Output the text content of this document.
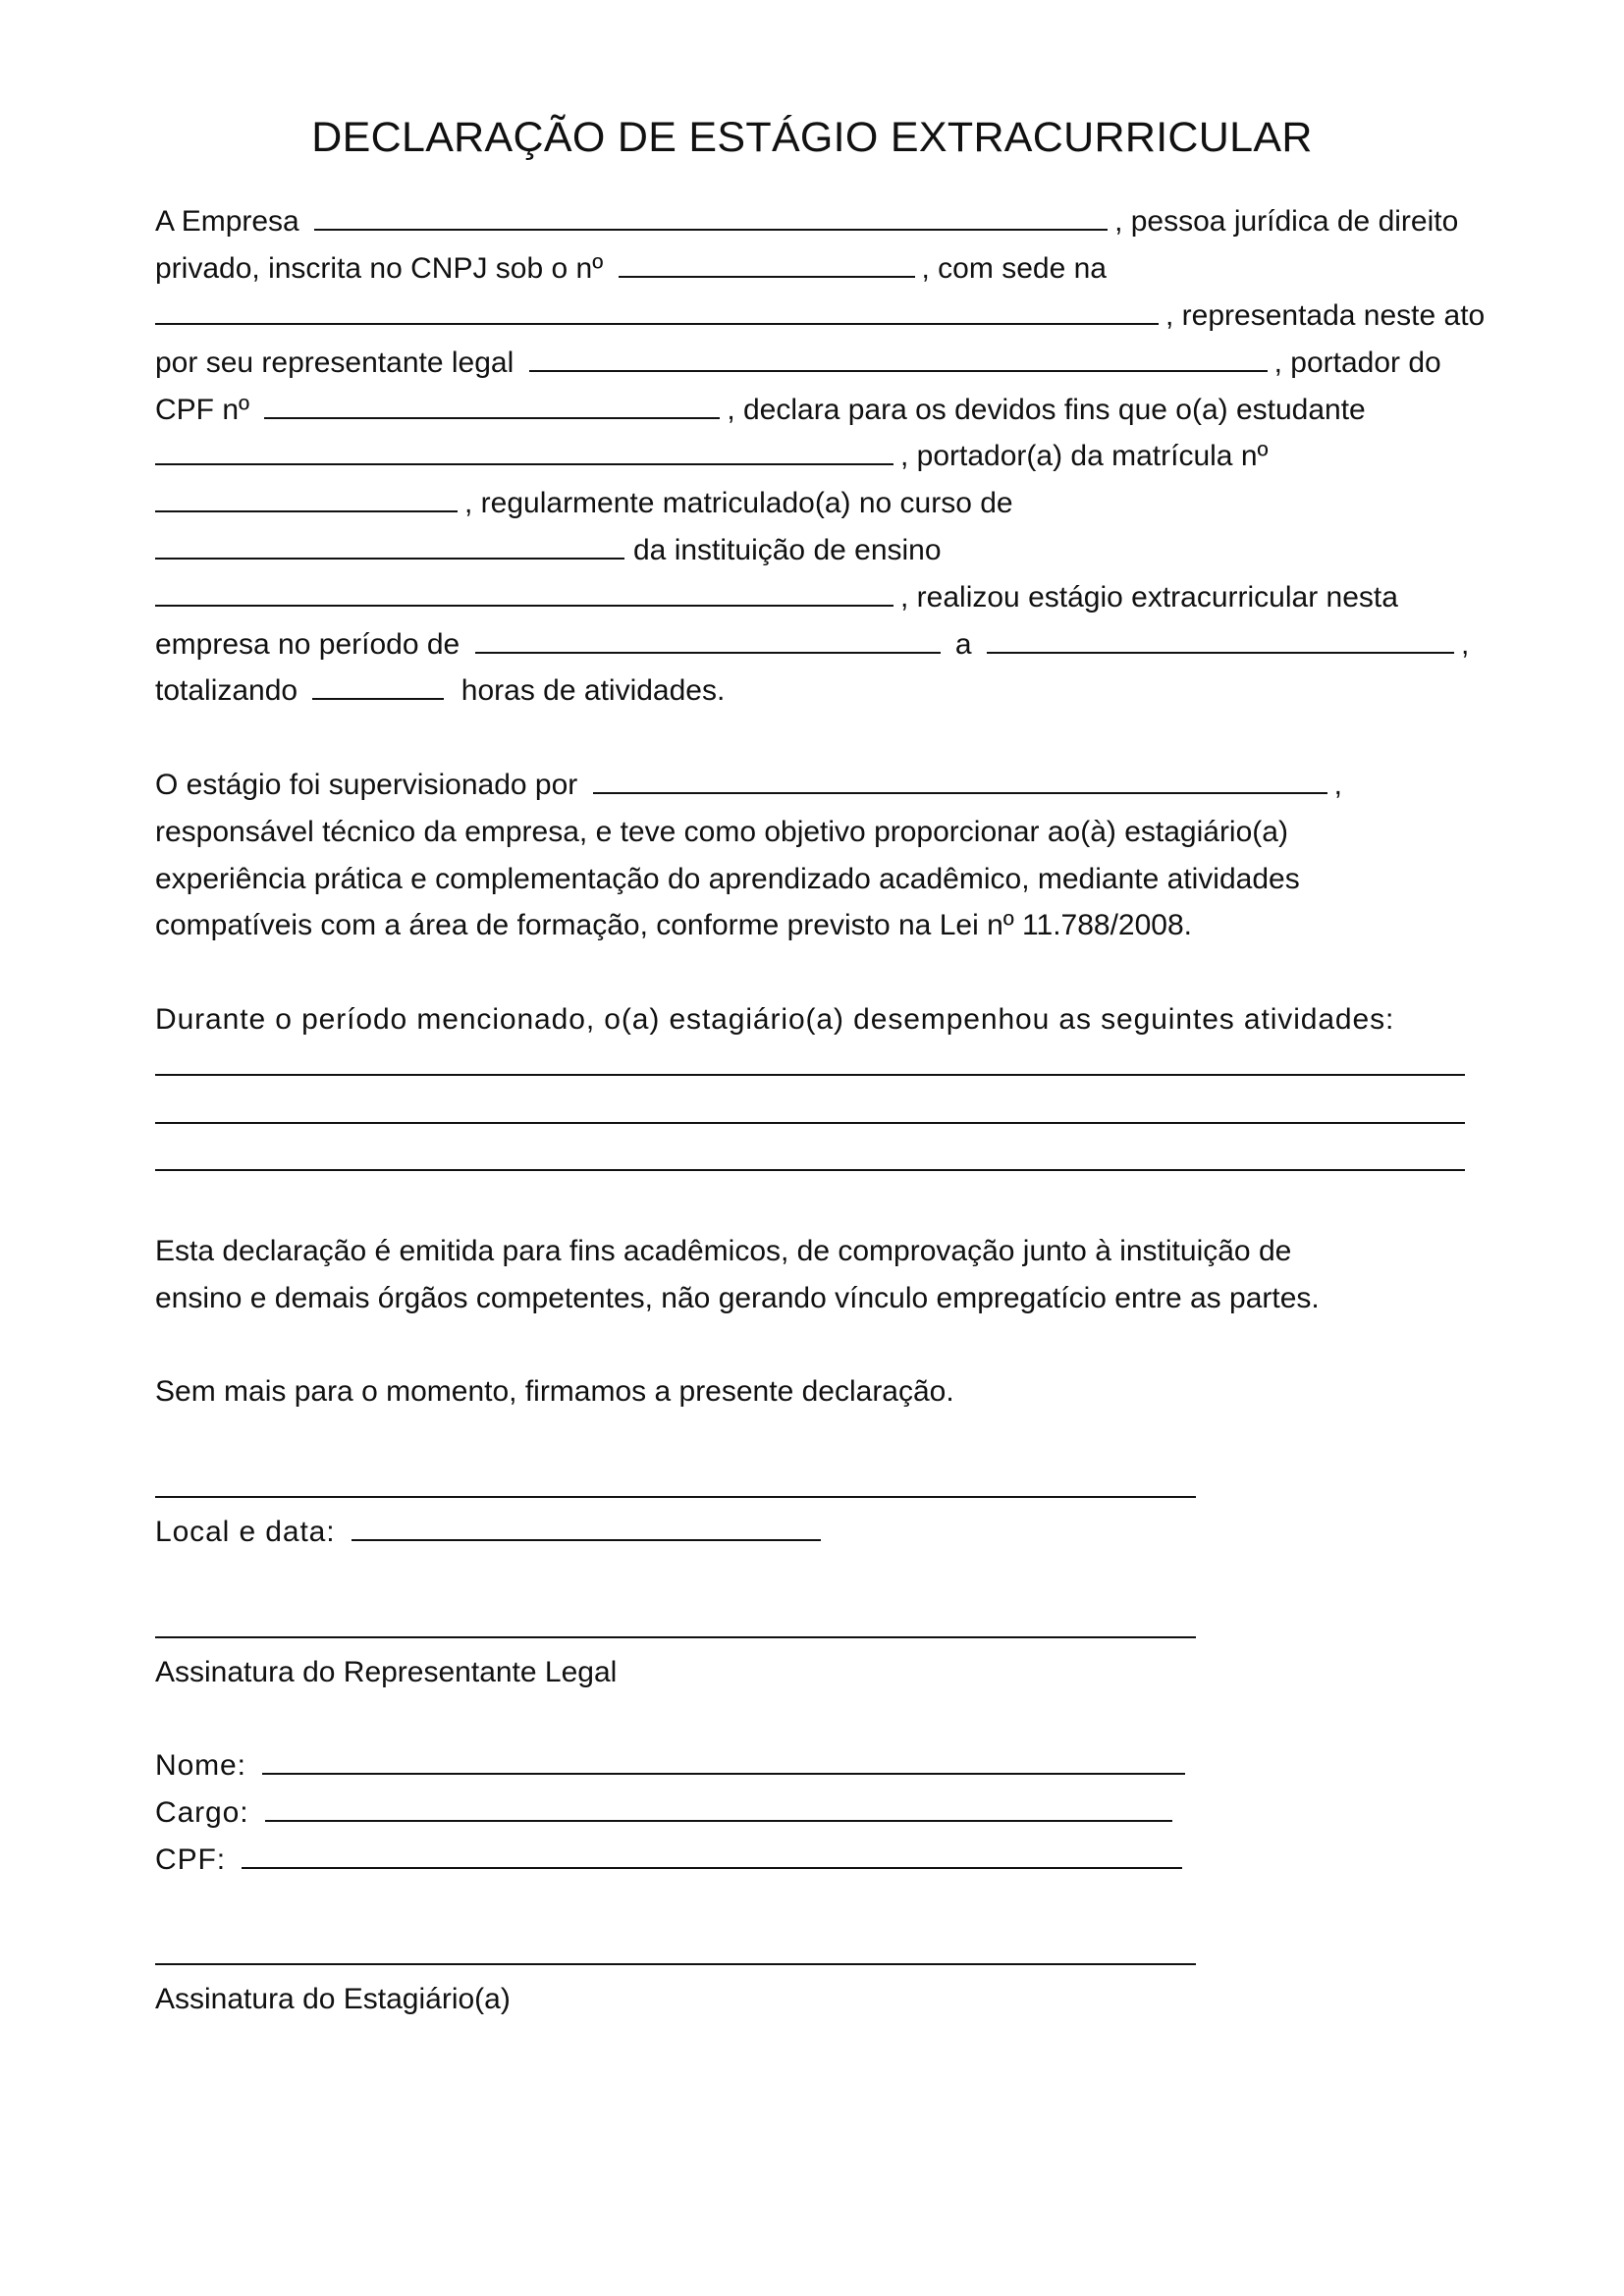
DECLARAÇÃO DE ESTÁGIO EXTRACURRICULAR

A Empresa	, pessoa jurídica de direito

privado, inscrita no CNPJ sob o nº	, com sede na

, representada neste ato

por seu representante legal	, portador do

CPF nº	, declara para os devidos fins que o(a) estudante

, portador(a) da matrícula nº

, regularmente matriculado(a) no curso de

da instituição de ensino

, realizou estágio extracurricular nesta

empresa no período de	a	,

totalizando	horas de atividades.

O estágio foi supervisionado por	,

responsável técnico da empresa, e teve como objetivo proporcionar ao(à) estagiário(a)

experiência prática e complementação do aprendizado acadêmico, mediante atividades

compatíveis com a área de formação, conforme previsto na Lei nº 11.788/2008.

Durante o período mencionado, o(a) estagiário(a) desempenhou as seguintes atividades:

Esta declaração é emitida para fins acadêmicos, de comprovação junto à instituição de

ensino e demais órgãos competentes, não gerando vínculo empregatício entre as partes.

Sem mais para o momento, firmamos a presente declaração.

Local e data:

Assinatura do Representante Legal

Nome:

Cargo:

CPF:

Assinatura do Estagiário(a)
